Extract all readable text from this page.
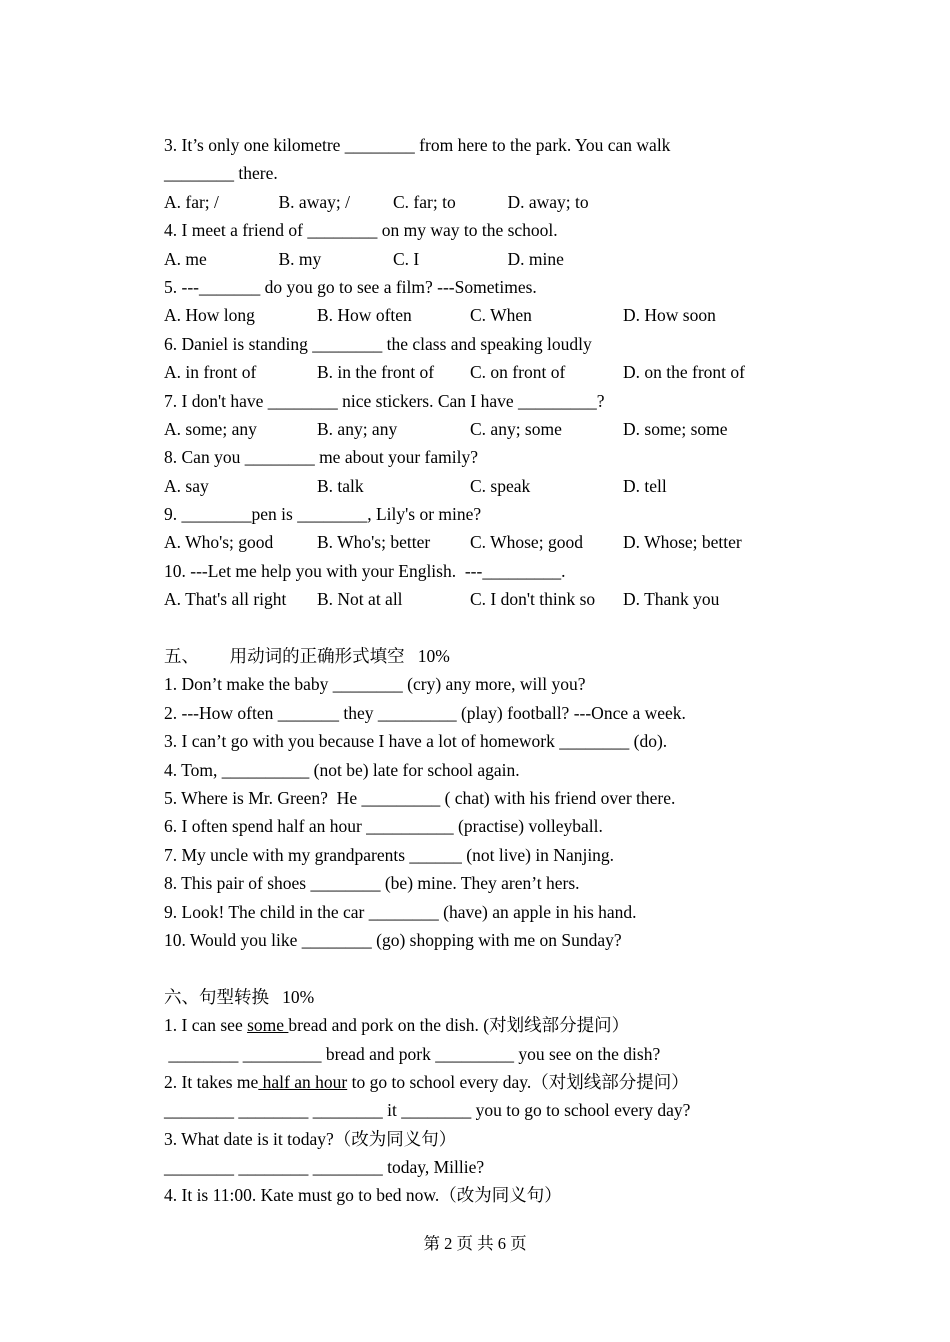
3. It’s only one kilometre ________ from here to the park. You can walk
________ there.
A. far; /	B. away; /	C. far; to	D. away; to
4. I meet a friend of ________ on my way to the school.
A. me	B. my	C. I	D. mine
5. ---_______ do you go to see a film? ---Sometimes.
A. How long	B. How often	C. When	D. How soon
6. Daniel is standing ________ the class and speaking loudly
A. in front of	B. in the front of	C. on front of	D. on the front of
7. I don't have ________ nice stickers. Can I have _________?
A. some; any	B. any; any	C. any; some	D. some; some
8. Can you ________ me about your family?
A. say	B. talk	C. speak	D. tell
9. ________pen is ________, Lily's or mine?
A. Who's; good	B. Who's; better	C. Whose; good	D. Whose; better
10. ---Let me help you with your English.  ---_________.
A. That's all right	B. Not at all	C. I don't think so	D. Thank you
五、       用动词的正确形式填空   10%
1. Don’t make the baby ________ (cry) any more, will you?
2. ---How often _______ they _________ (play) football? ---Once a week.
3. I can’t go with you because I have a lot of homework ________ (do).
4. Tom, __________ (not be) late for school again.
5. Where is Mr. Green?  He _________ ( chat) with his friend over there.
6. I often spend half an hour __________ (practise) volleyball.
7. My uncle with my grandparents ______ (not live) in Nanjing.
8. This pair of shoes ________ (be) mine. They aren’t hers.
9. Look! The child in the car ________ (have) an apple in his hand.
10. Would you like ________ (go) shopping with me on Sunday?
六、句型转换   10%
1. I can see some bread and pork on the dish. (对划线部分提问）
________ _________ bread and pork _________ you see on the dish?
2. It takes me half an hour to go to school every day.（对划线部分提问）
________ ________ ________ it ________ you to go to school every day?
3. What date is it today?（改为同义句）
________ ________ ________ today, Millie?
4. It is 11:00. Kate must go to bed now.（改为同义句）
第 2 页 共 6 页
